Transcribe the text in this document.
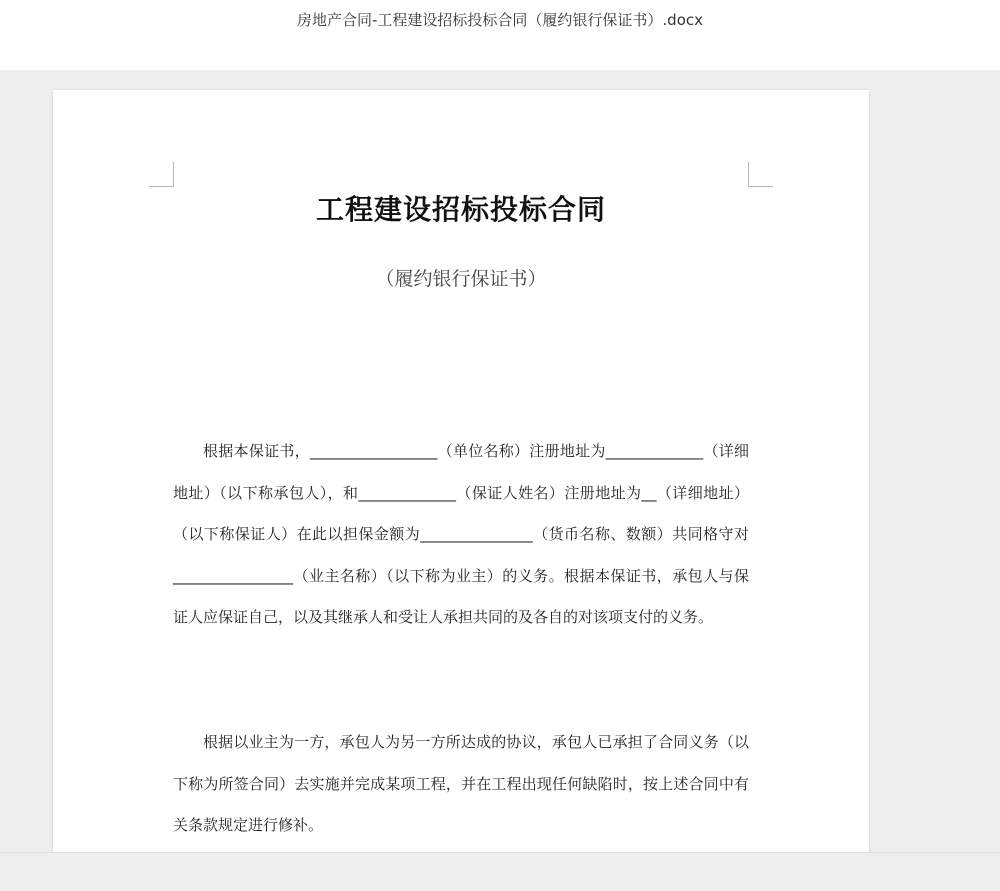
房地产合同-工程建设招标投标合同（履约银行保证书）.docx
工程建设招标投标合同
（履约银行保证书）

根据本保证书，_________________（单位名称）注册地址为_____________（详细地址）（以下称承包人），和_____________（保证人姓名）注册地址为__（详细地址）（以下称保证人）在此以担保金额为_______________（货币名称、数额）共同格守对________________（业主名称）（以下称为业主）的义务。根据本保证书，承包人与保证人应保证自己，以及其继承人和受让人承担共同的及各自的对该项支付的义务。

根据以业主为一方，承包人为另一方所达成的协议，承包人已承担了合同义务（以下称为所签合同）去实施并完成某项工程，并在工程出现任何缺陷时，按上述合同中有关条款规定进行修补。
